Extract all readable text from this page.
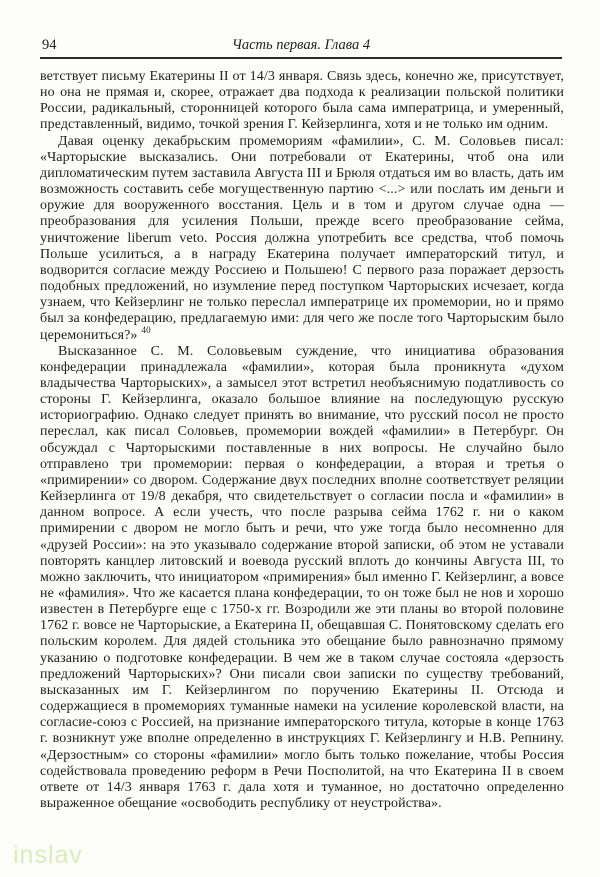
94	Часть первая. Глава 4

ветствует письму Екатерины II от 14/3 января. Связь здесь, конечно же, присутствует, но она не прямая и, скорее, отражает два подхода к реализации польской политики России, радикальный, сторонницей которого была сама императрица, и умеренный, представленный, видимо, точкой зрения Г. Кейзерлинга, хотя и не только им одним.

Давая оценку декабрьским промемориям «фамилии», С. М. Соловьев писал: «Чарторыские высказались. Они потребовали от Екатерины, чтоб она или дипломатическим путем заставила Августа III и Брюля отдаться им во власть, дать им возможность составить себе могущественную партию <...> или послать им деньги и оружие для вооруженного восстания. Цель и в том и другом случае одна — преобразования для усиления Польши, прежде всего преобразование сейма, уничтожение liberum veto. Россия должна употребить все средства, чтоб помочь Польше усилиться, а в награду Екатерина получает императорский титул, и водворится согласие между Россиею и Польшею! С первого раза поражает дерзость подобных предложений, но изумление перед поступком Чарторыских исчезает, когда узнаем, что Кейзерлинг не только переслал императрице их промемории, но и прямо был за конфедерацию, предлагаемую ими: для чего же после того Чарторыским было церемониться?» $^{40}$

Высказанное С. М. Соловьевым суждение, что инициатива образования конфедерации принадлежала «фамилии», которая была проникнута «духом владычества Чарторыских», а замысел этот встретил необъяснимую податливость со стороны Г. Кейзерлинга, оказало большое влияние на последующую русскую историографию. Однако следует принять во внимание, что русский посол не просто переслал, как писал Соловьев, промемории вождей «фамилии» в Петербург. Он обсуждал с Чарторыскими поставленные в них вопросы. Не случайно было отправлено три промемории: первая о конфедерации, а вторая и третья о «примирении» со двором. Содержание двух последних вполне соответствует реляции Кейзерлинга от 19/8 декабря, что свидетельствует о согласии посла и «фамилии» в данном вопросе. А если учесть, что после разрыва сейма 1762 г. ни о каком примирении с двором не могло быть и речи, что уже тогда было несомненно для «друзей России»: на это указывало содержание второй записки, об этом не уставали повторять канцлер литовский и воевода русский вплоть до кончины Августа III, то можно заключить, что инициатором «примирения» был именно Г. Кейзерлинг, а вовсе не «фамилия». Что же касается плана конфедерации, то он тоже был не нов и хорошо известен в Петербурге еще с 1750-х гг. Возродили же эти планы во второй половине 1762 г. вовсе не Чарторыские, а Екатерина II, обещавшая С. Понятовскому сделать его польским королем. Для дядей стольника это обещание было равнозначно прямому указанию о подготовке конфедерации. В чем же в таком случае состояла «дерзость предложений Чарторыских»? Они писали свои записки по существу требований, высказанных им Г. Кейзерлингом по поручению Екатерины II. Отсюда и содержащиеся в промемориях туманные намеки на усиление королевской власти, на согласие-союз с Россией, на признание императорского титула, которые в конце 1763 г. возникнут уже вполне определенно в инструкциях Г. Кейзерлингу и Н.В. Репнину. «Дерзостным» со стороны «фамилии» могло быть только пожелание, чтобы Россия содействовала проведению реформ в Речи Посполитой, на что Екатерина II в своем ответе от 14/3 января 1763 г. дала хотя и туманное, но достаточно определенно выраженное обещание «освободить республику от неустройства».

inslav
